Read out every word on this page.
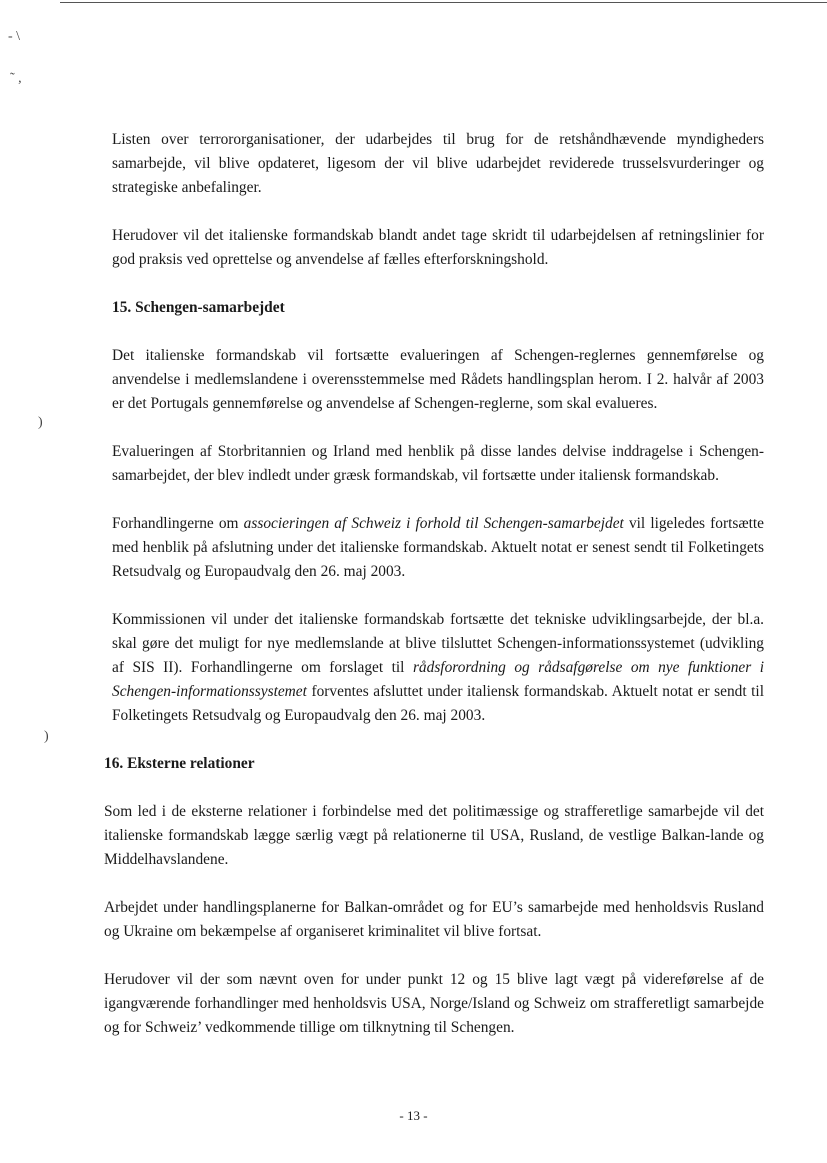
- \
˜ ,
)
)

Listen over terrororganisationer, der udarbejdes til brug for de retshåndhævende myndigheders samarbejde, vil blive opdateret, ligesom der vil blive udarbejdet reviderede trusselsvurderinger og strategiske anbefalinger.

Herudover vil det italienske formandskab blandt andet tage skridt til udarbejdelsen af retningslinier for god praksis ved oprettelse og anvendelse af fælles efterforskningshold.

15. Schengen-samarbejdet

Det italienske formandskab vil fortsætte evalueringen af Schengen-reglernes gennemførelse og anvendelse i medlemslandene i overensstemmelse med Rådets handlingsplan herom. I 2. halvår af 2003 er det Portugals gennemførelse og anvendelse af Schengen-reglerne, som skal evalueres.

Evalueringen af Storbritannien og Irland med henblik på disse landes delvise inddragelse i Schengen-samarbejdet, der blev indledt under græsk formandskab, vil fortsætte under italiensk formandskab.

Forhandlingerne om associeringen af Schweiz i forhold til Schengen-samarbejdet vil ligeledes fortsætte med henblik på afslutning under det italienske formandskab. Aktuelt notat er senest sendt til Folketingets Retsudvalg og Europaudvalg den 26. maj 2003.

Kommissionen vil under det italienske formandskab fortsætte det tekniske udviklingsarbejde, der bl.a. skal gøre det muligt for nye medlemslande at blive tilsluttet Schengen-informationssystemet (udvikling af SIS II). Forhandlingerne om forslaget til rådsforordning og rådsafgørelse om nye funktioner i Schengen-informationssystemet forventes afsluttet under italiensk formandskab. Aktuelt notat er sendt til Folketingets Retsudvalg og Europaudvalg den 26. maj 2003.

16. Eksterne relationer

Som led i de eksterne relationer i forbindelse med det politimæssige og strafferetlige samarbejde vil det italienske formandskab lægge særlig vægt på relationerne til USA, Rusland, de vestlige Balkan-lande og Middelhavslandene.

Arbejdet under handlingsplanerne for Balkan-området og for EU’s samarbejde med henholdsvis Rusland og Ukraine om bekæmpelse af organiseret kriminalitet vil blive fortsat.

Herudover vil der som nævnt oven for under punkt 12 og 15 blive lagt vægt på videreførelse af de igangværende forhandlinger med henholdsvis USA, Norge/Island og Schweiz om strafferetligt samarbejde og for Schweiz’ vedkommende tillige om tilknytning til Schengen.

- 13 -
